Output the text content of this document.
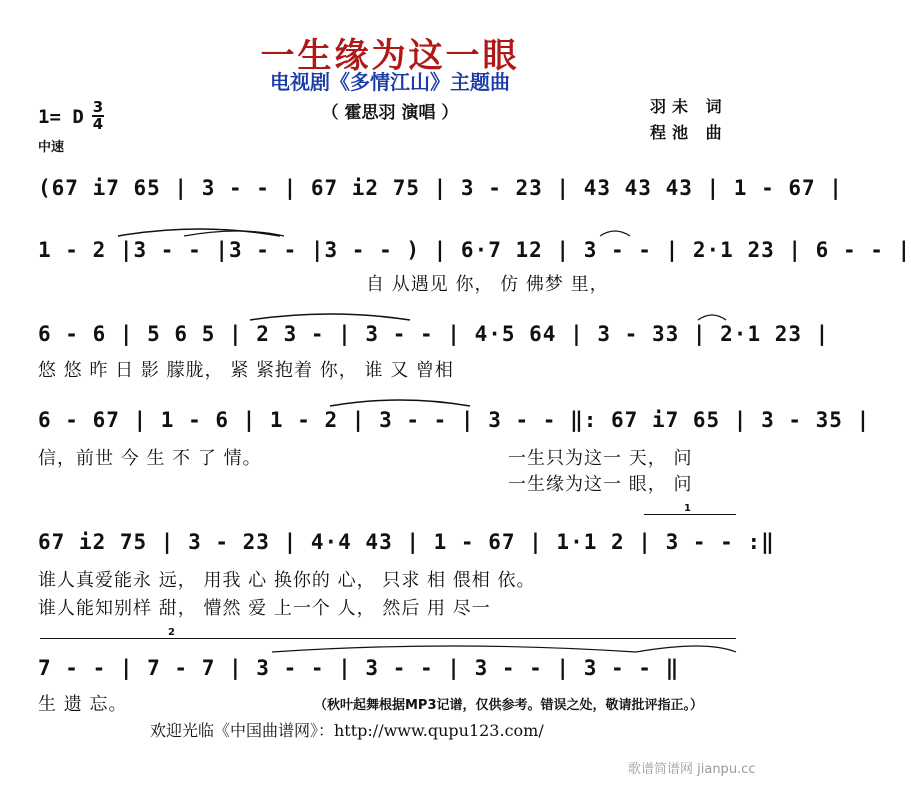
一生缘为这一眼
电视剧《多情江山》主题曲
（ 霍思羽 演唱 ）	羽未 词
程池 曲
1= D 3
4
中速
(67 i7 65 | 3 - - | 67 i2 75 | 3 - 23 | 43 43 43 | 1 - 67 |
1 - 2 |3 - - |3 - - |3 - - ) | 6·7 12 | 3 - - | 2·1 23 | 6 - - |
自 从遇见 你， 仿 佛梦 里，
6 - 6 | 5 6 5 | 2 3 - | 3 - - | 4·5 64 | 3 - 33 | 2·1 23 |
悠 悠 昨 日 影 朦胧， 紧 紧抱着 你， 谁 又 曾相
6 - 67 | 1 - 6 | 1 - 2 | 3 - - | 3 - - ‖: 67 i7 65 | 3 - 35 |
信，前世 今 生 不 了 情。	一生只为这一 天， 问
一生缘为这一 眼， 问
1
67 i2 75 | 3 - 23 | 4·4 43 | 1 - 67 | 1·1 2 | 3 - - :‖
谁人真爱能永 远， 用我 心 换你的 心， 只求 相 偎相 依。
谁人能知别样 甜， 懵然 爱 上一个 人， 然后 用 尽一
2
7 - - | 7 - 7 | 3 - - | 3 - - | 3 - - | 3 - - ‖
生 遗 忘。	（秋叶起舞根据MP3记谱，仅供参考。错误之处，敬请批评指正。）
欢迎光临《中国曲谱网》：http://www.qupu123.com/
歌谱简谱网 jianpu.cc
